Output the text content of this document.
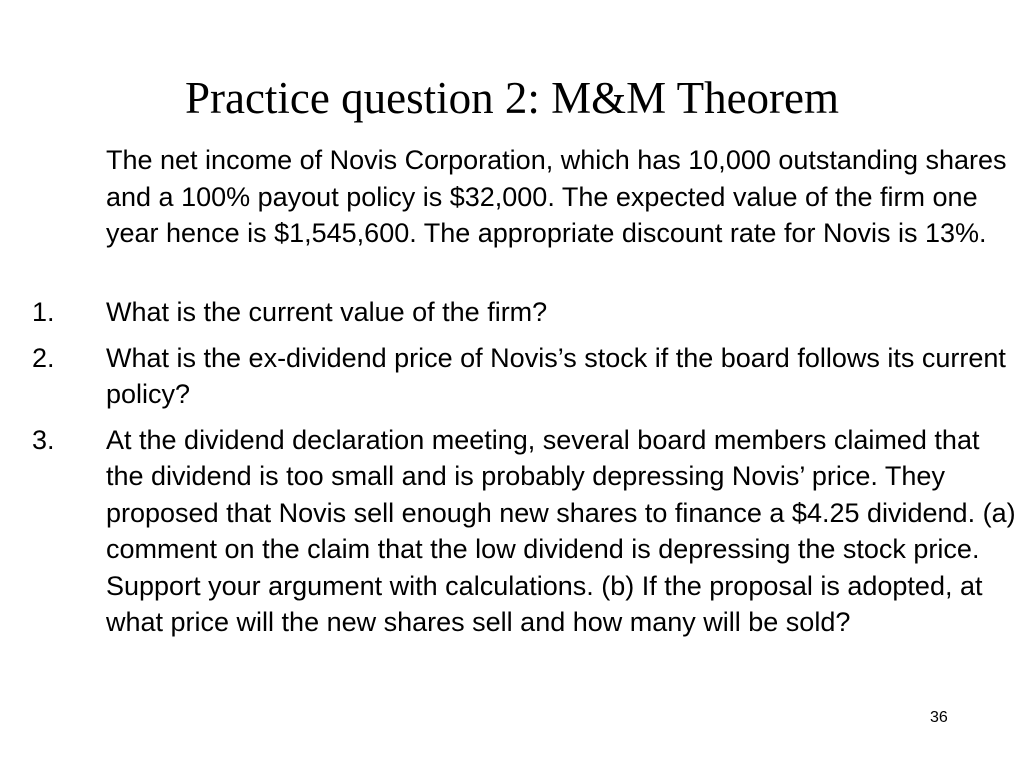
Practice question 2: M&M Theorem

The net income of Novis Corporation, which has 10,000 outstanding shares and a 100% payout policy is $32,000. The expected value of the firm one year hence is $1,545,600. The appropriate discount rate for Novis is 13%.

1.	What is the current value of the firm?
2.	What is the ex-dividend price of Novis’s stock if the board follows its current policy?
3.	At the dividend declaration meeting, several board members claimed that the dividend is too small and is probably depressing Novis’ price. They proposed that Novis sell enough new shares to finance a $4.25 dividend. (a) comment on the claim that the low dividend is depressing the stock price. Support your argument with calculations. (b) If the proposal is adopted, at what price will the new shares sell and how many will be sold?
36
